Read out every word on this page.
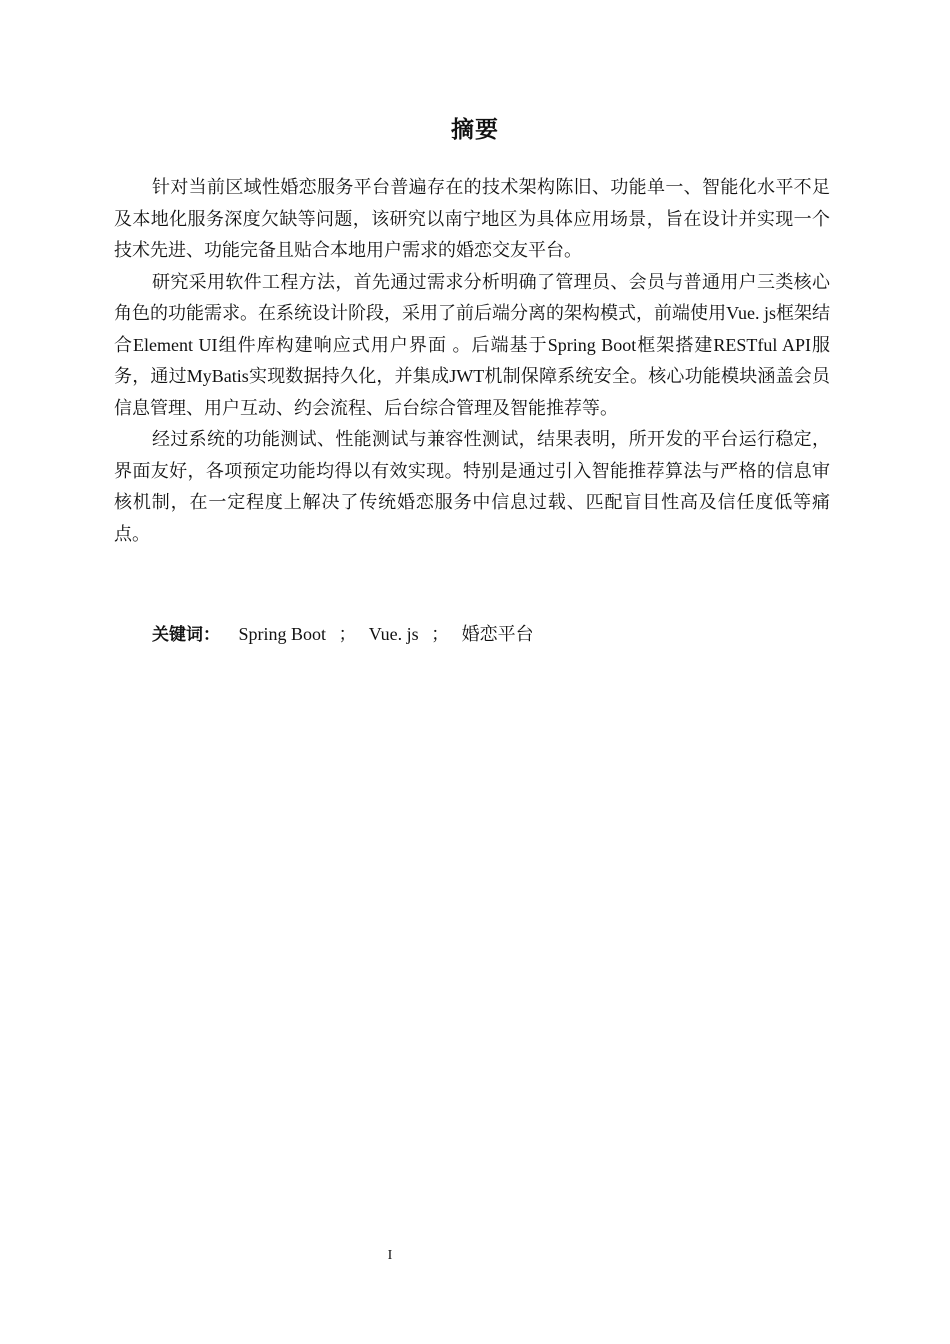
摘要

针对当前区域性婚恋服务平台普遍存在的技术架构陈旧、功能单一、智能化水平不足及本地化服务深度欠缺等问题，该研究以南宁地区为具体应用场景，旨在设计并实现一个技术先进、功能完备且贴合本地用户需求的婚恋交友平台。

研究采用软件工程方法，首先通过需求分析明确了管理员、会员与普通用户三类核心角色的功能需求。在系统设计阶段，采用了前后端分离的架构模式，前端使用Vue. js框架结合Element UI组件库构建响应式用户界面 。后端基于Spring Boot框架搭建RESTful API服务，通过MyBatis实现数据持久化，并集成JWT机制保障系统安全。核心功能模块涵盖会员信息管理、用户互动、约会流程、后台综合管理及智能推荐等。

经过系统的功能测试、性能测试与兼容性测试，结果表明，所开发的平台运行稳定，界面友好，各项预定功能均得以有效实现。特别是通过引入智能推荐算法与严格的信息审核机制，在一定程度上解决了传统婚恋服务中信息过载、匹配盲目性高及信任度低等痛点。

关键词： Spring Boot ； Vue. js ； 婚恋平台
I
